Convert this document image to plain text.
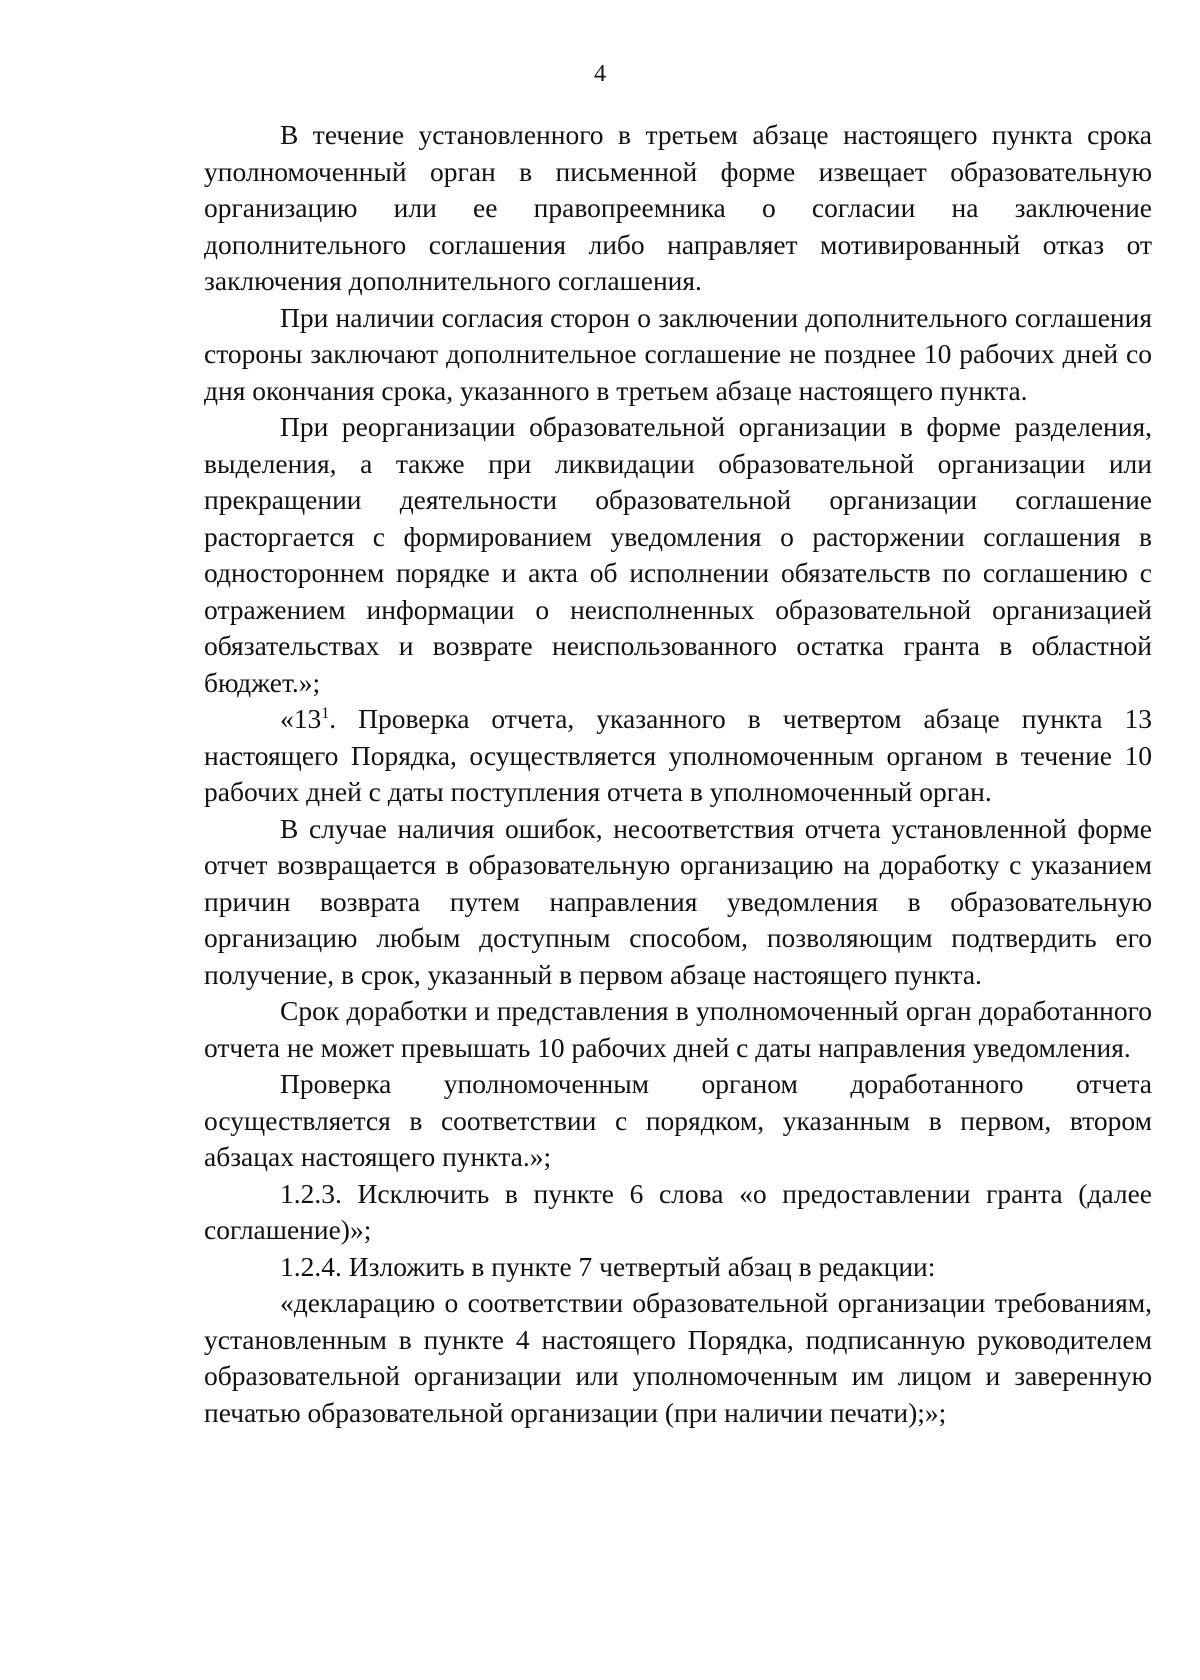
4

В течение установленного в третьем абзаце настоящего пункта срока уполномоченный орган в письменной форме извещает образовательную организацию или ее правопреемника о согласии на заключение дополнительного соглашения либо направляет мотивированный отказ от заключения дополнительного соглашения.

При наличии согласия сторон о заключении дополнительного соглашения стороны заключают дополнительное соглашение не позднее 10 рабочих дней со дня окончания срока, указанного в третьем абзаце настоящего пункта.

При реорганизации образовательной организации в форме разделения, выделения, а также при ликвидации образовательной организации или прекращении деятельности образовательной организации соглашение расторгается с формированием уведомления о расторжении соглашения в одностороннем порядке и акта об исполнении обязательств по соглашению с отражением информации о неисполненных образовательной организацией обязательствах и возврате неиспользованного остатка гранта в областной бюджет.»;

«$13^1$. Проверка отчета, указанного в четвертом абзаце пункта 13 настоящего Порядка, осуществляется уполномоченным органом в течение 10 рабочих дней с даты поступления отчета в уполномоченный орган.

В случае наличия ошибок, несоответствия отчета установленной форме отчет возвращается в образовательную организацию на доработку с указанием причин возврата путем направления уведомления в образовательную организацию любым доступным способом, позволяющим подтвердить его получение, в срок, указанный в первом абзаце настоящего пункта.

Срок доработки и представления в уполномоченный орган доработанного отчета не может превышать 10 рабочих дней с даты направления уведомления.

Проверка уполномоченным органом доработанного отчета осуществляется в соответствии с порядком, указанным в первом, втором абзацах настоящего пункта.»;

1.2.3. Исключить в пункте 6 слова «о предоставлении гранта (далее соглашение)»;

1.2.4. Изложить в пункте 7 четвертый абзац в редакции:

«декларацию о соответствии образовательной организации требованиям, установленным в пункте 4 настоящего Порядка, подписанную руководителем образовательной организации или уполномоченным им лицом и заверенную печатью образовательной организации (при наличии печати);»;
